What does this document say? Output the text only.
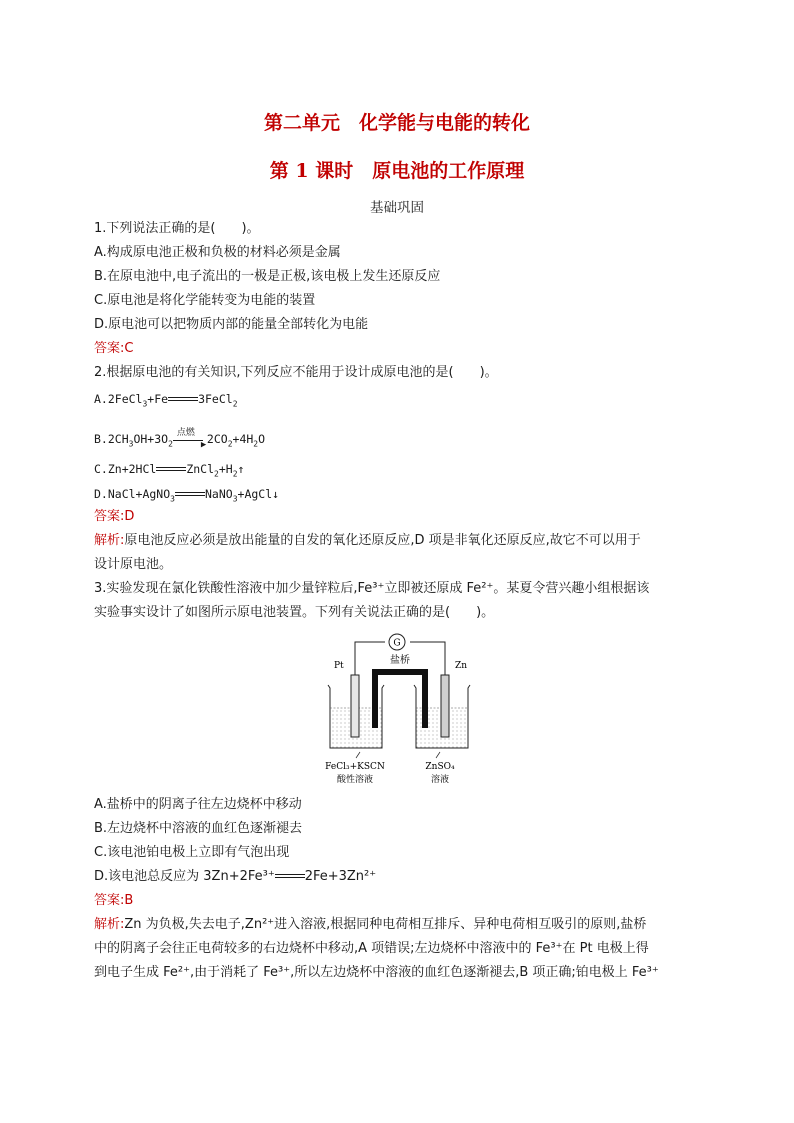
第二单元　化学能与电能的转化
第 1 课时　原电池的工作原理
基础巩固
1.下列说法正确的是(　　)。
A.构成原电池正极和负极的材料必须是金属
B.在原电池中,电子流出的一极是正极,该电极上发生还原反应
C.原电池是将化学能转变为电能的装置
D.原电池可以把物质内部的能量全部转化为电能
答案:C
2.根据原电池的有关知识,下列反应不能用于设计成原电池的是(　　)。
A.2FeCl$_3$+Fe	3FeCl$_2$
$B.2CH_3OH+3O_2$
点燃
▶ $2CO_2+4H_2O$
C.Zn+2HCl	$ZnCl_2+H_2↑$
D.NaCl+AgNO$_3$	NaNO$_3$+AgCl↓
答案:D
解析:原电池反应必须是放出能量的自发的氧化还原反应,D 项是非氧化还原反应,故它不可以用于
设计原电池。
3.实验发现在氯化铁酸性溶液中加少量锌粒后,Fe³⁺立即被还原成 Fe²⁺。某夏令营兴趣小组根据该
实验事实设计了如图所示原电池装置。下列有关说法正确的是(　　)。
G
盐桥
Pt	Zn
FeCl₃+KSCN
酸性溶液
ZnSO₄
溶液
A.盐桥中的阴离子往左边烧杯中移动
B.左边烧杯中溶液的血红色逐渐褪去
C.该电池铂电极上立即有气泡出现
D.该电池总反应为 3Zn+2Fe³⁺ 2Fe+3Zn²⁺
答案:B
解析:Zn 为负极,失去电子,Zn²⁺进入溶液,根据同种电荷相互排斥、异种电荷相互吸引的原则,盐桥
中的阴离子会往正电荷较多的右边烧杯中移动,A 项错误;左边烧杯中溶液中的 Fe³⁺在 Pt 电极上得
到电子生成 Fe²⁺,由于消耗了 Fe³⁺,所以左边烧杯中溶液的血红色逐渐褪去,B 项正确;铂电极上 Fe³⁺
